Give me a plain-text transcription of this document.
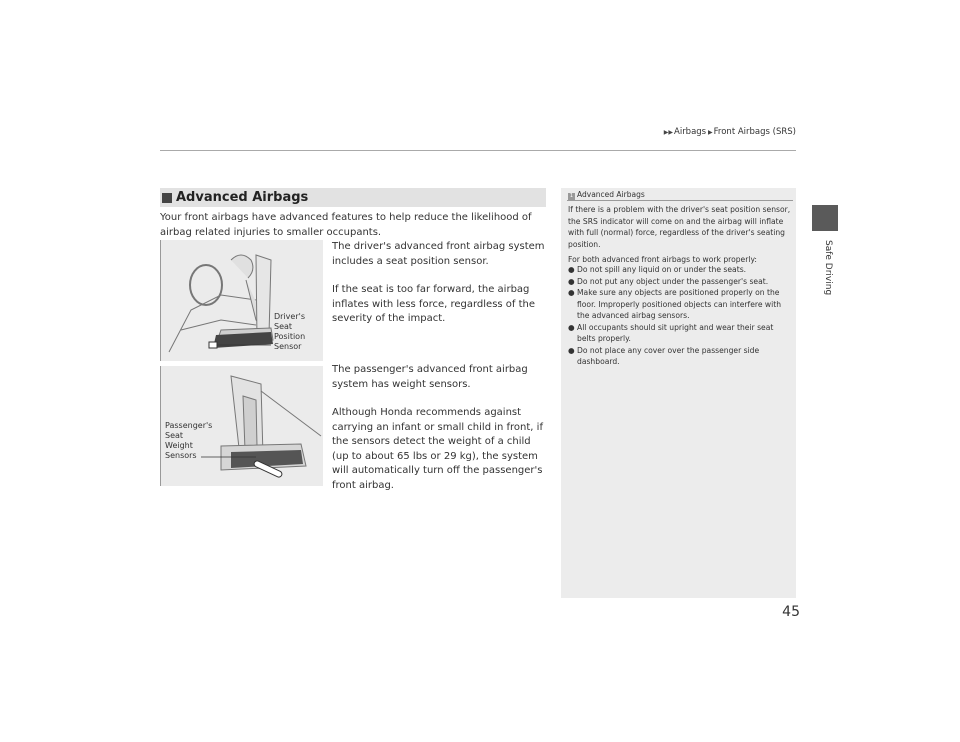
▶▶Airbags ▶Front Airbags (SRS)
Safe Driving
Advanced Airbags
Your front airbags have advanced features to help reduce the likelihood of airbag related injuries to smaller occupants.
The driver's advanced front airbag system includes a seat position sensor.
If the seat is too far forward, the airbag inflates with less force, regardless of the severity of the impact.
The passenger's advanced front airbag system has weight sensors.
Although Honda recommends against carrying an infant or small child in front, if the sensors detect the weight of a child (up to about 65 lbs or 29 kg), the system will automatically turn off the passenger's front airbag.
Driver's
Seat
Position
Sensor
Passenger's
Seat
Weight
Sensors
1 Advanced Airbags

If there is a problem with the driver's seat position sensor, the SRS indicator will come on and the airbag will inflate with full (normal) force, regardless of the driver's seating position.

For both advanced front airbags to work properly:

● Do not spill any liquid on or under the seats.
● Do not put any object under the passenger's seat.
● Make sure any objects are positioned properly on the floor. Improperly positioned objects can interfere with the advanced airbag sensors.
● All occupants should sit upright and wear their seat belts properly.
● Do not place any cover over the passenger side dashboard.
45
